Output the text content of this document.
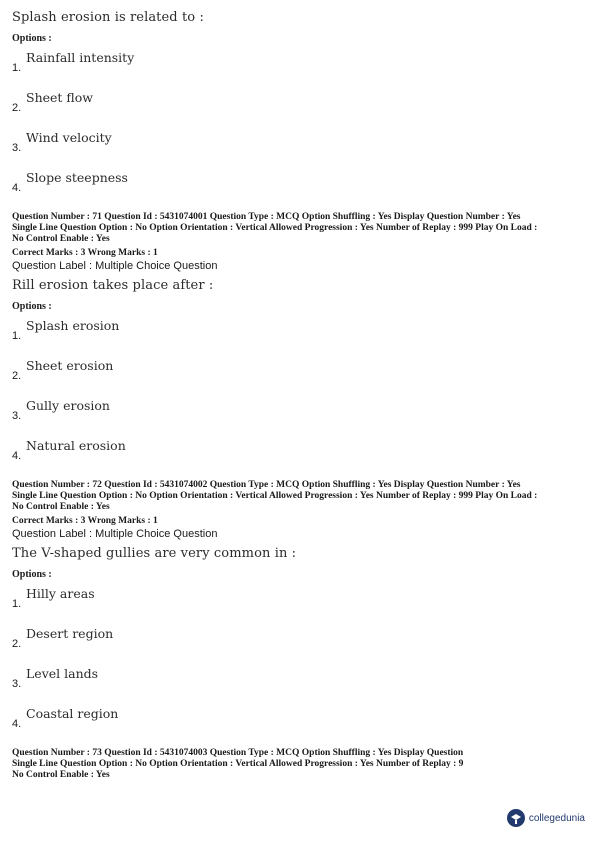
Splash erosion is related to :

Options :
1.
Rainfall intensity
2.
Sheet flow
3.
Wind velocity
4.
Slope steepness

Question Number : 71 Question Id : 5431074001 Question Type : MCQ Option Shuffling : Yes Display Question Number : Yes

Single Line Question Option : No Option Orientation : Vertical Allowed Progression : Yes Number of Replay : 999 Play On Load :

No Control Enable : Yes

Correct Marks : 3 Wrong Marks : 1

Question Label : Multiple Choice Question

Rill erosion takes place after :

Options :
1.
Splash erosion
2.
Sheet erosion
3.
Gully erosion
4.
Natural erosion

Question Number : 72 Question Id : 5431074002 Question Type : MCQ Option Shuffling : Yes Display Question Number : Yes

Single Line Question Option : No Option Orientation : Vertical Allowed Progression : Yes Number of Replay : 999 Play On Load :

No Control Enable : Yes

Correct Marks : 3 Wrong Marks : 1

Question Label : Multiple Choice Question

The V-shaped gullies are very common in :

Options :
1.
Hilly areas
2.
Desert region
3.
Level lands
4.
Coastal region

Question Number : 73 Question Id : 5431074003 Question Type : MCQ Option Shuffling : Yes Display Question

Single Line Question Option : No Option Orientation : Vertical Allowed Progression : Yes Number of Replay : 9

No Control Enable : Yes

collegedunia
